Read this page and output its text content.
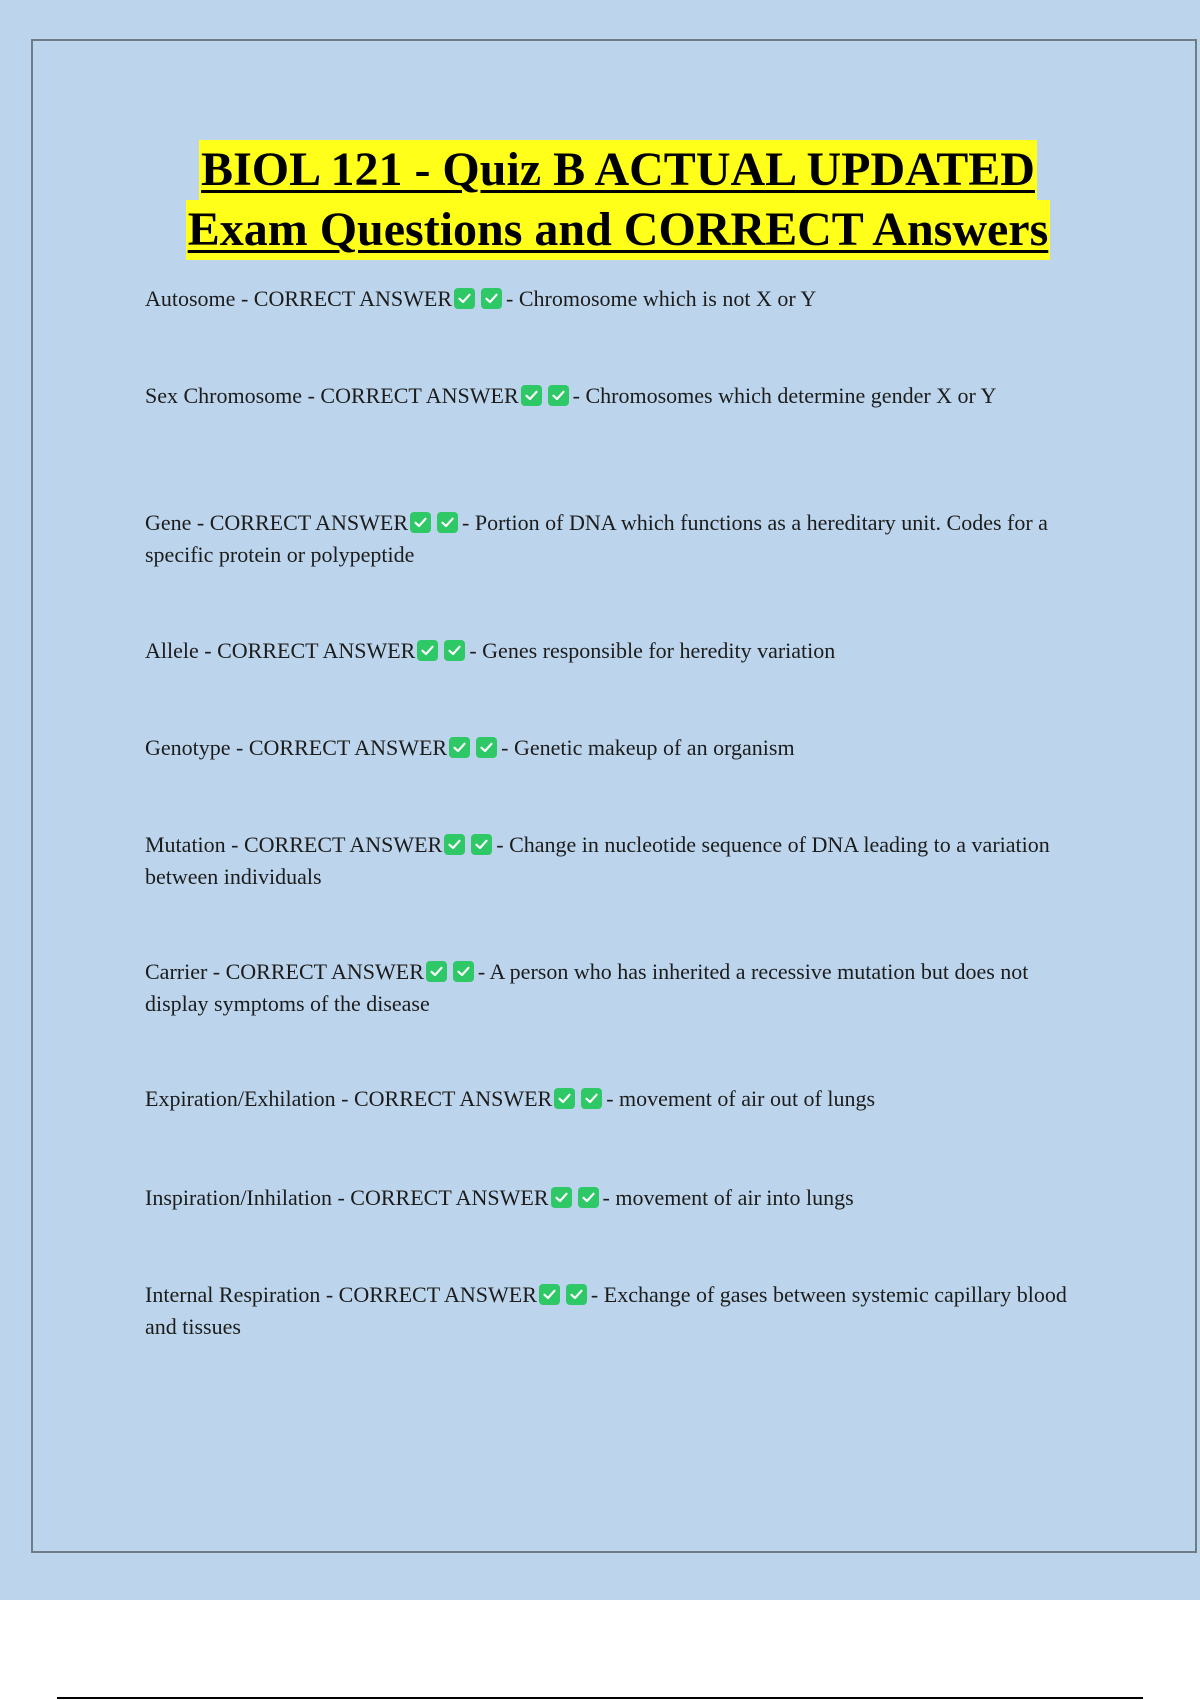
BIOL 121 - Quiz B ACTUAL UPDATED
Exam Questions and CORRECT Answers
Autosome - CORRECT ANSWER - Chromosome which is not X or Y
Sex Chromosome - CORRECT ANSWER - Chromosomes which determine gender X or Y
Gene - CORRECT ANSWER - Portion of DNA which functions as a hereditary unit. Codes for a specific protein or polypeptide
Allele - CORRECT ANSWER - Genes responsible for heredity variation
Genotype - CORRECT ANSWER - Genetic makeup of an organism
Mutation - CORRECT ANSWER - Change in nucleotide sequence of DNA leading to a variation between individuals
Carrier - CORRECT ANSWER - A person who has inherited a recessive mutation but does not display symptoms of the disease
Expiration/Exhilation - CORRECT ANSWER - movement of air out of lungs
Inspiration/Inhilation - CORRECT ANSWER - movement of air into lungs
Internal Respiration - CORRECT ANSWER - Exchange of gases between systemic capillary blood and tissues
